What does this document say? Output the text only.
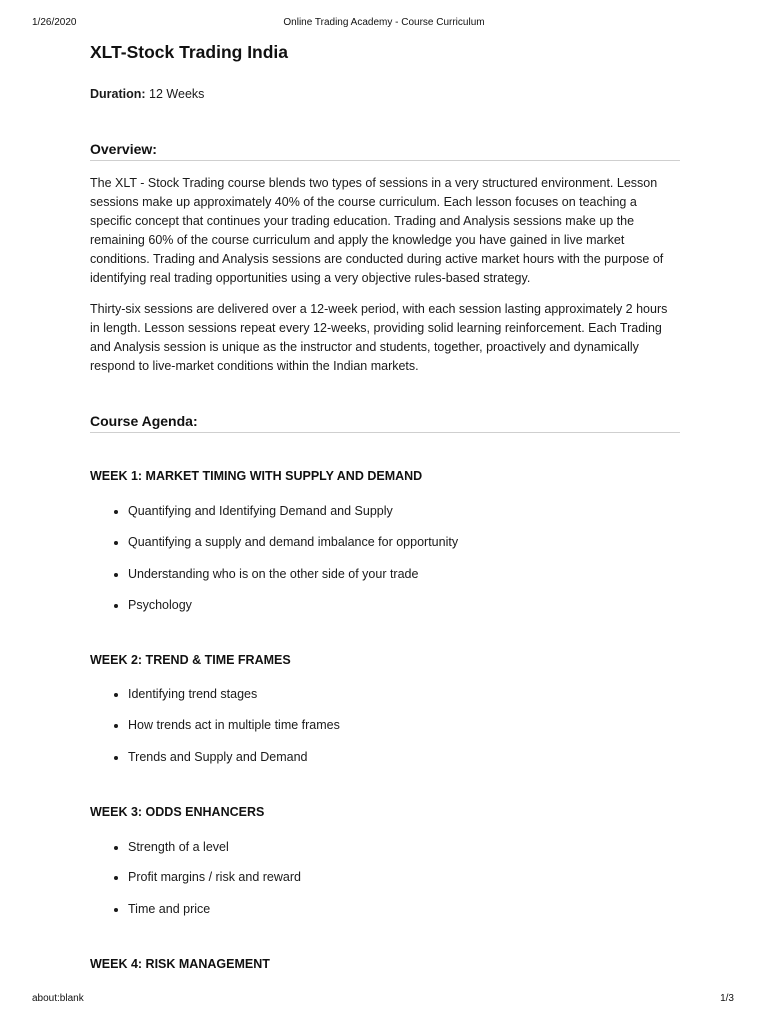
1/26/2020	Online Trading Academy - Course Curriculum
XLT-Stock Trading India
Duration: 12 Weeks
Overview:

The XLT - Stock Trading course blends two types of sessions in a very structured environment. Lesson sessions make up approximately 40% of the course curriculum. Each lesson focuses on teaching a specific concept that continues your trading education. Trading and Analysis sessions make up the remaining 60% of the course curriculum and apply the knowledge you have gained in live market conditions. Trading and Analysis sessions are conducted during active market hours with the purpose of identifying real trading opportunities using a very objective rules-based strategy.

Thirty-six sessions are delivered over a 12-week period, with each session lasting approximately 2 hours in length. Lesson sessions repeat every 12-weeks, providing solid learning reinforcement. Each Trading and Analysis session is unique as the instructor and students, together, proactively and dynamically respond to live-market conditions within the Indian markets.

Course Agenda:
WEEK 1: MARKET TIMING WITH SUPPLY AND DEMAND
Quantifying and Identifying Demand and Supply
Quantifying a supply and demand imbalance for opportunity
Understanding who is on the other side of your trade
Psychology
WEEK 2: TREND & TIME FRAMES
Identifying trend stages
How trends act in multiple time frames
Trends and Supply and Demand
WEEK 3: ODDS ENHANCERS
Strength of a level
Profit margins / risk and reward
Time and price
WEEK 4: RISK MANAGEMENT
about:blank	1/3
